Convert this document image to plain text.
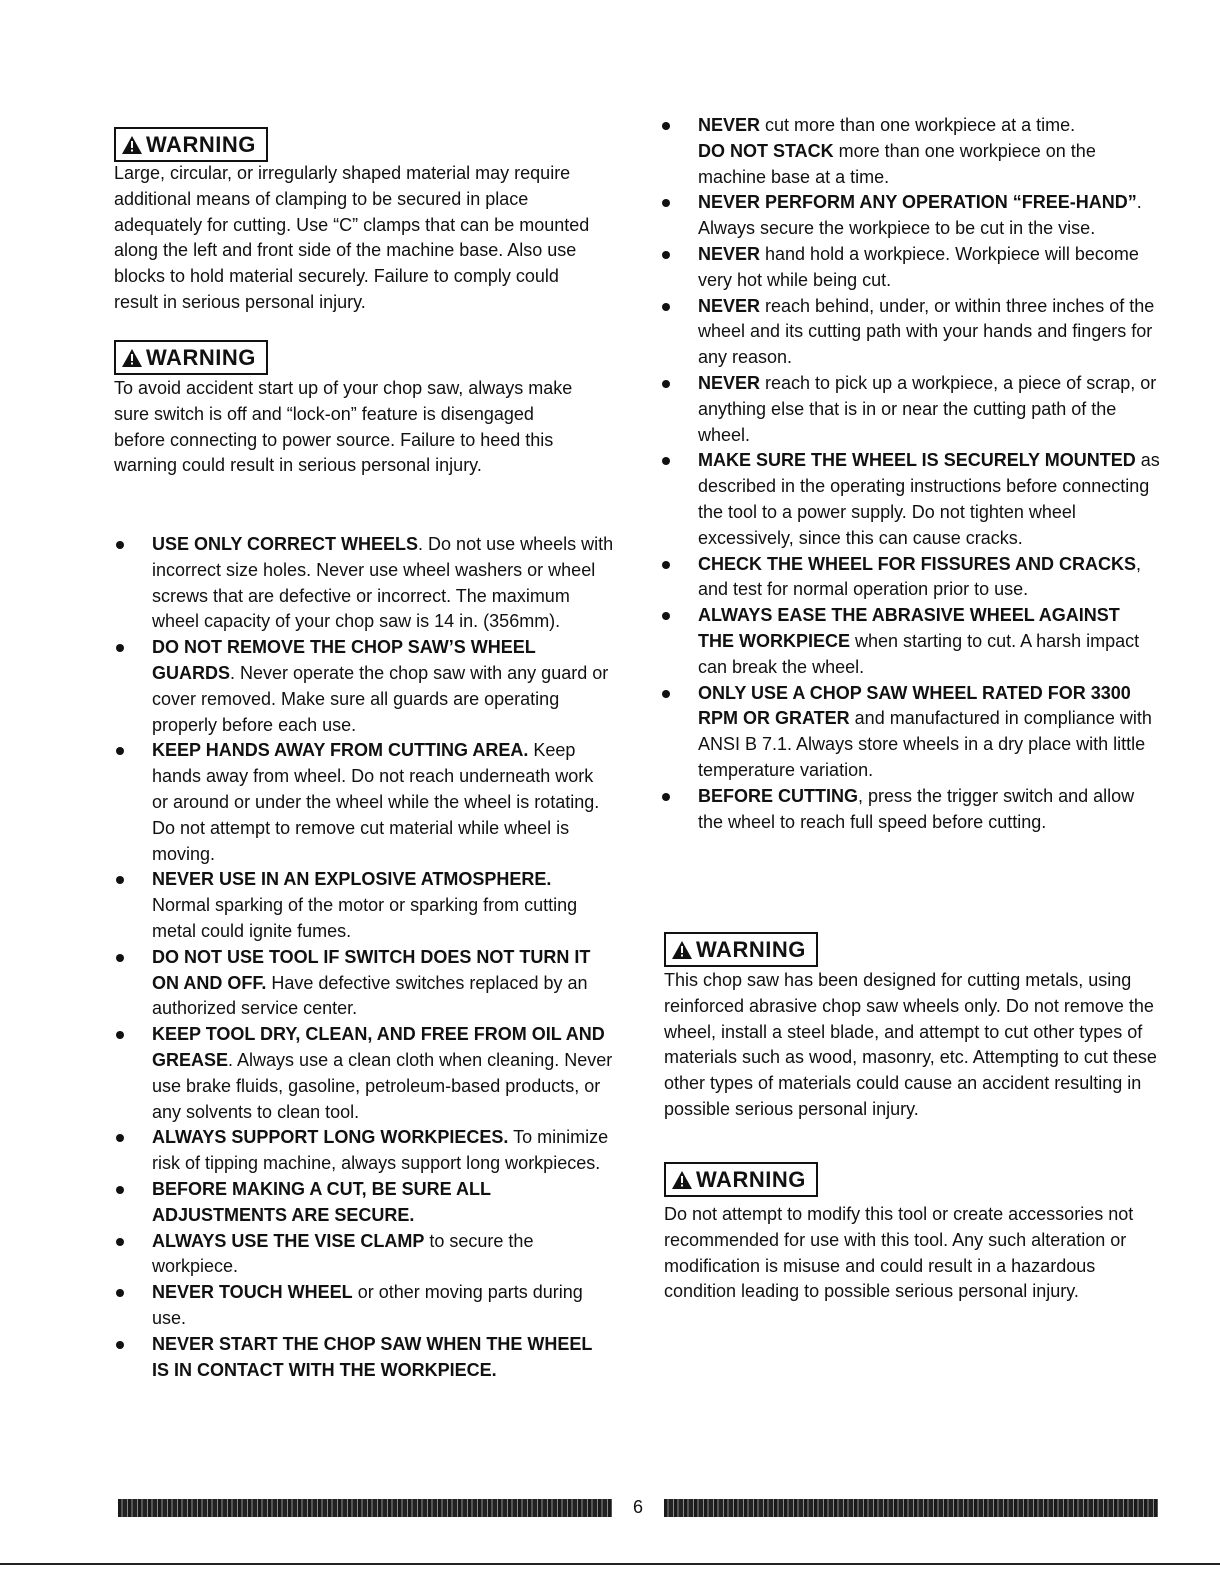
WARNING
Large, circular, or irregularly shaped material may require additional means of clamping to be secured in place adequately for cutting. Use “C” clamps that can be mounted along the left and front side of the machine base. Also use blocks to hold material securely. Failure to comply could result in serious personal injury.
WARNING
To avoid accident start up of your chop saw, always make sure switch is off and “lock-on” feature is disengaged before connecting to power source. Failure to heed this warning could result in serious personal injury.
USE ONLY CORRECT WHEELS. Do not use wheels with incorrect size holes. Never use wheel washers or wheel screws that are defective or incorrect. The maximum wheel capacity of your chop saw is 14 in. (356mm).
DO NOT REMOVE THE CHOP SAW’S WHEEL GUARDS. Never operate the chop saw with any guard or cover removed. Make sure all guards are operating properly before each use.
KEEP HANDS AWAY FROM CUTTING AREA. Keep hands away from wheel. Do not reach underneath work or around or under the wheel while the wheel is rotating. Do not attempt to remove cut material while wheel is moving.
NEVER USE IN AN EXPLOSIVE ATMOSPHERE. Normal sparking of the motor or sparking from cutting metal could ignite fumes.
DO NOT USE TOOL IF SWITCH DOES NOT TURN IT ON AND OFF. Have defective switches replaced by an authorized service center.
KEEP TOOL DRY, CLEAN, AND FREE FROM OIL AND GREASE. Always use a clean cloth when cleaning. Never use brake fluids, gasoline, petroleum-based products, or any solvents to clean tool.
ALWAYS SUPPORT LONG WORKPIECES. To minimize risk of tipping machine, always support long workpieces.
BEFORE MAKING A CUT, BE SURE ALL ADJUSTMENTS ARE SECURE.
ALWAYS USE THE VISE CLAMP to secure the workpiece.
NEVER TOUCH WHEEL or other moving parts during use.
NEVER START THE CHOP SAW WHEN THE WHEEL IS IN CONTACT WITH THE WORKPIECE.
NEVER cut more than one workpiece at a time.
DO NOT STACK more than one workpiece on the machine base at a time.
NEVER PERFORM ANY OPERATION “FREE-HAND”. Always secure the workpiece to be cut in the vise.
NEVER hand hold a workpiece. Workpiece will become very hot while being cut.
NEVER reach behind, under, or within three inches of the wheel and its cutting path with your hands and fingers for any reason.
NEVER reach to pick up a workpiece, a piece of scrap, or anything else that is in or near the cutting path of the wheel.
MAKE SURE THE WHEEL IS SECURELY MOUNTED as described in the operating instructions before connecting the tool to a power supply. Do not tighten wheel excessively, since this can cause cracks.
CHECK THE WHEEL FOR FISSURES AND CRACKS, and test for normal operation prior to use.
ALWAYS EASE THE ABRASIVE WHEEL AGAINST THE WORKPIECE when starting to cut. A harsh impact can break the wheel.
ONLY USE A CHOP SAW WHEEL RATED FOR 3300 RPM OR GRATER and manufactured in compliance with ANSI B 7.1. Always store wheels in a dry place with little temperature variation.
BEFORE CUTTING, press the trigger switch and allow the wheel to reach full speed before cutting.
WARNING
This chop saw has been designed for cutting metals, using reinforced abrasive chop saw wheels only. Do not remove the wheel, install a steel blade, and attempt to cut other types of materials such as wood, masonry, etc. Attempting to cut these other types of materials could cause an accident resulting in possible serious personal injury.
WARNING
Do not attempt to modify this tool or create accessories not recommended for use with this tool. Any such alteration or modification is misuse and could result in a hazardous condition leading to possible serious personal injury.
6
